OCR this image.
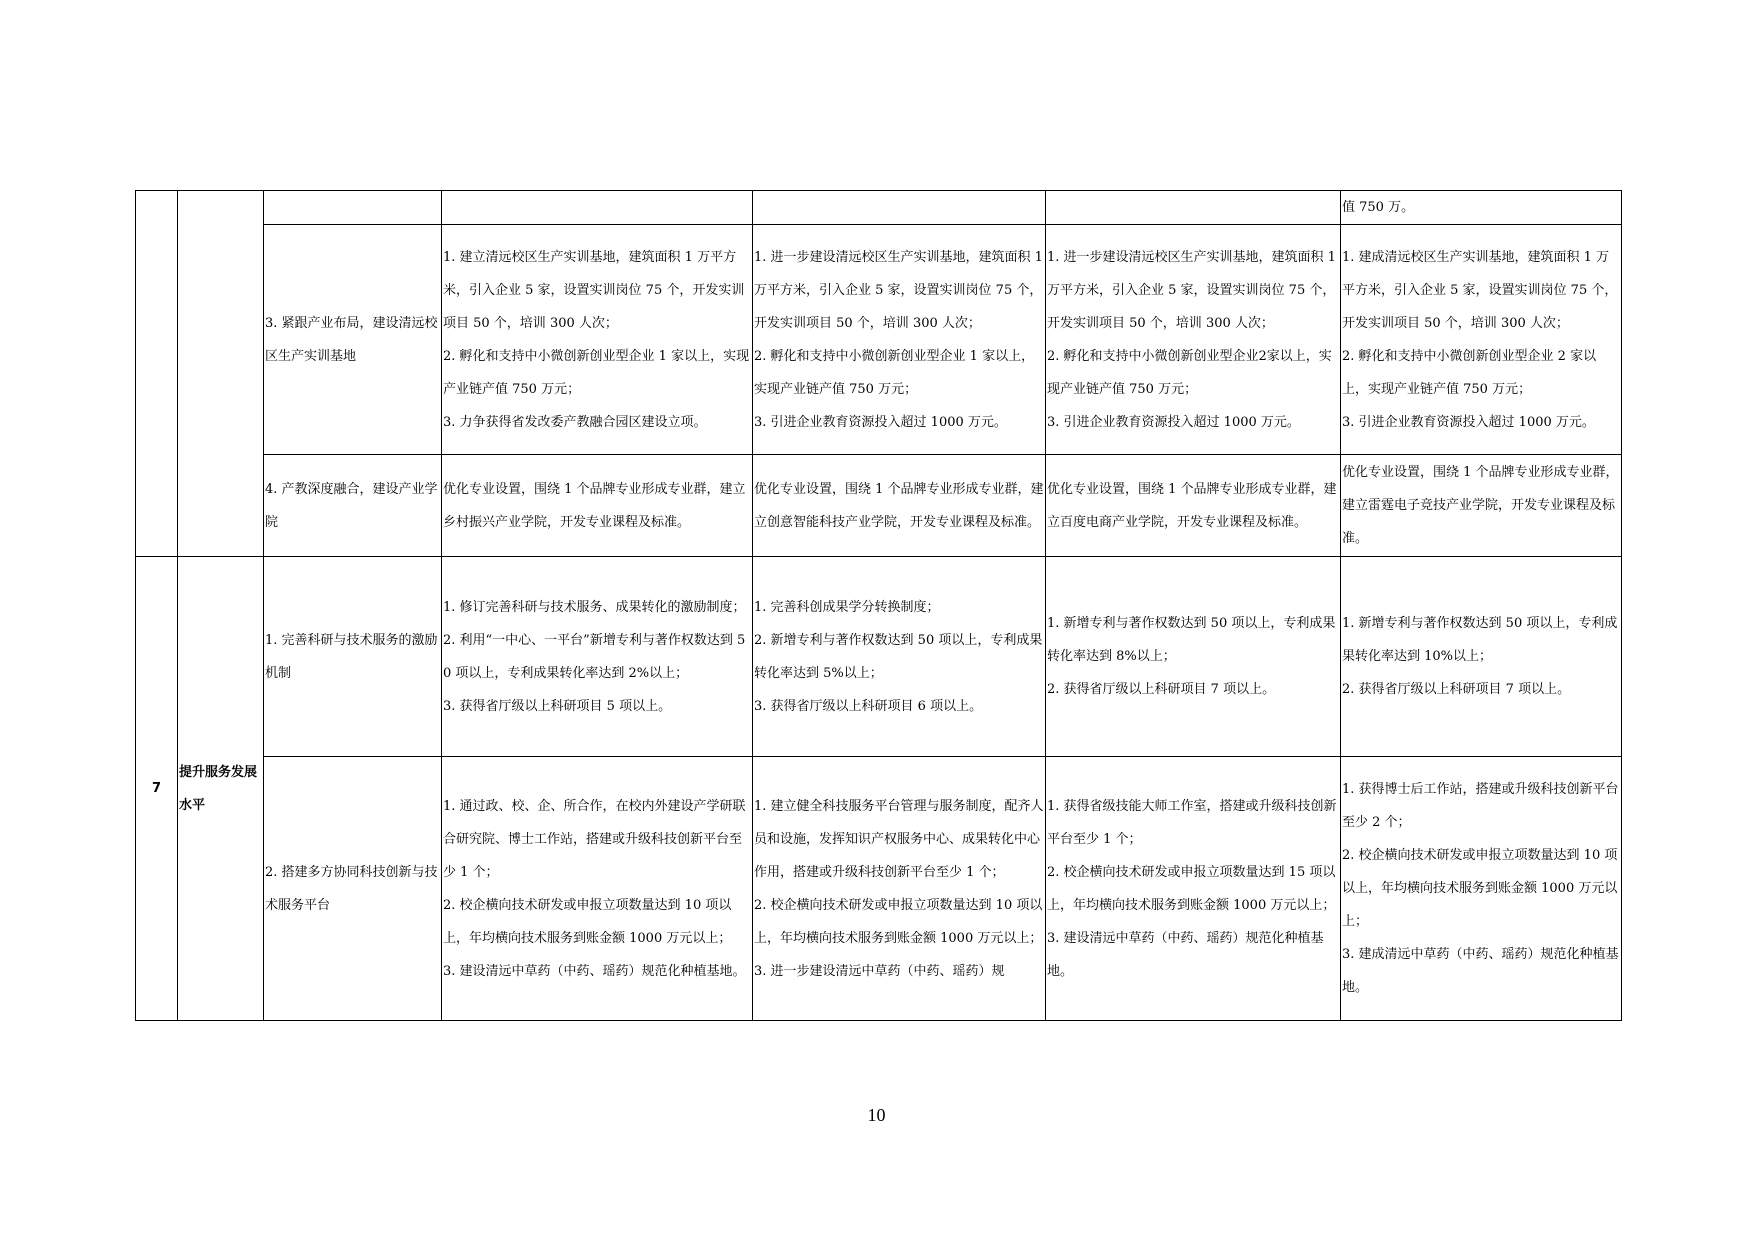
						值 750 万。

		3. 紧跟产业布局，建设清远校区生产实训基地	1. 建立清远校区生产实训基地，建筑面积 1 万平方米，引入企业 5 家，设置实训岗位 75 个，开发实训项目 50 个，培训 300 人次；
2. 孵化和支持中小微创新创业型企业 1 家以上，实现产业链产值 750 万元；
3. 力争获得省发改委产教融合园区建设立项。	1. 进一步建设清远校区生产实训基地，建筑面积 1 万平方米，引入企业 5 家，设置实训岗位 75 个，开发实训项目 50 个，培训 300 人次；
2. 孵化和支持中小微创新创业型企业 1 家以上，实现产业链产值 750 万元；
3. 引进企业教育资源投入超过 1000 万元。	1. 进一步建设清远校区生产实训基地，建筑面积 1 万平方米，引入企业 5 家，设置实训岗位 75 个，开发实训项目 50 个，培训 300 人次；
2. 孵化和支持中小微创新创业型企业2家以上，实现产业链产值 750 万元；
3. 引进企业教育资源投入超过 1000 万元。	1. 建成清远校区生产实训基地，建筑面积 1 万平方米，引入企业 5 家，设置实训岗位 75 个，开发实训项目 50 个，培训 300 人次；
2. 孵化和支持中小微创新创业型企业 2 家以上，实现产业链产值 750 万元；
3. 引进企业教育资源投入超过 1000 万元。

		4. 产教深度融合，建设产业学院	优化专业设置，围绕 1 个品牌专业形成专业群，建立乡村振兴产业学院，开发专业课程及标准。	优化专业设置，围绕 1 个品牌专业形成专业群，建立创意智能科技产业学院，开发专业课程及标准。	优化专业设置，围绕 1 个品牌专业形成专业群，建立百度电商产业学院，开发专业课程及标准。	优化专业设置，围绕 1 个品牌专业形成专业群，建立雷霆电子竞技产业学院，开发专业课程及标准。

7	提升服务发展水平	1. 完善科研与技术服务的激励机制	1. 修订完善科研与技术服务、成果转化的激励制度；
2. 利用“一中心、一平台”新增专利与著作权数达到 50 项以上，专利成果转化率达到 2%以上；
3. 获得省厅级以上科研项目 5 项以上。	1. 完善科创成果学分转换制度；
2. 新增专利与著作权数达到 50 项以上，专利成果转化率达到 5%以上；
3. 获得省厅级以上科研项目 6 项以上。	1. 新增专利与著作权数达到 50 项以上，专利成果转化率达到 8%以上；
2. 获得省厅级以上科研项目 7 项以上。	1. 新增专利与著作权数达到 50 项以上，专利成果转化率达到 10%以上；
2. 获得省厅级以上科研项目 7 项以上。

		2. 搭建多方协同科技创新与技术服务平台	1. 通过政、校、企、所合作，在校内外建设产学研联合研究院、博士工作站，搭建或升级科技创新平台至少 1 个；
2. 校企横向技术研发或申报立项数量达到 10 项以上，年均横向技术服务到账金额 1000 万元以上；
3. 建设清远中草药（中药、瑶药）规范化种植基地。	1. 建立健全科技服务平台管理与服务制度，配齐人员和设施，发挥知识产权服务中心、成果转化中心作用，搭建或升级科技创新平台至少 1 个；
2. 校企横向技术研发或申报立项数量达到 10 项以上，年均横向技术服务到账金额 1000 万元以上；
3. 进一步建设清远中草药（中药、瑶药）规	1. 获得省级技能大师工作室，搭建或升级科技创新平台至少 1 个；
2. 校企横向技术研发或申报立项数量达到 15 项以上，年均横向技术服务到账金额 1000 万元以上；
3. 建设清远中草药（中药、瑶药）规范化种植基地。	1. 获得博士后工作站，搭建或升级科技创新平台至少 2 个；
2. 校企横向技术研发或申报立项数量达到 10 项以上，年均横向技术服务到账金额 1000 万元以上；
3. 建成清远中草药（中药、瑶药）规范化种植基地。
10
